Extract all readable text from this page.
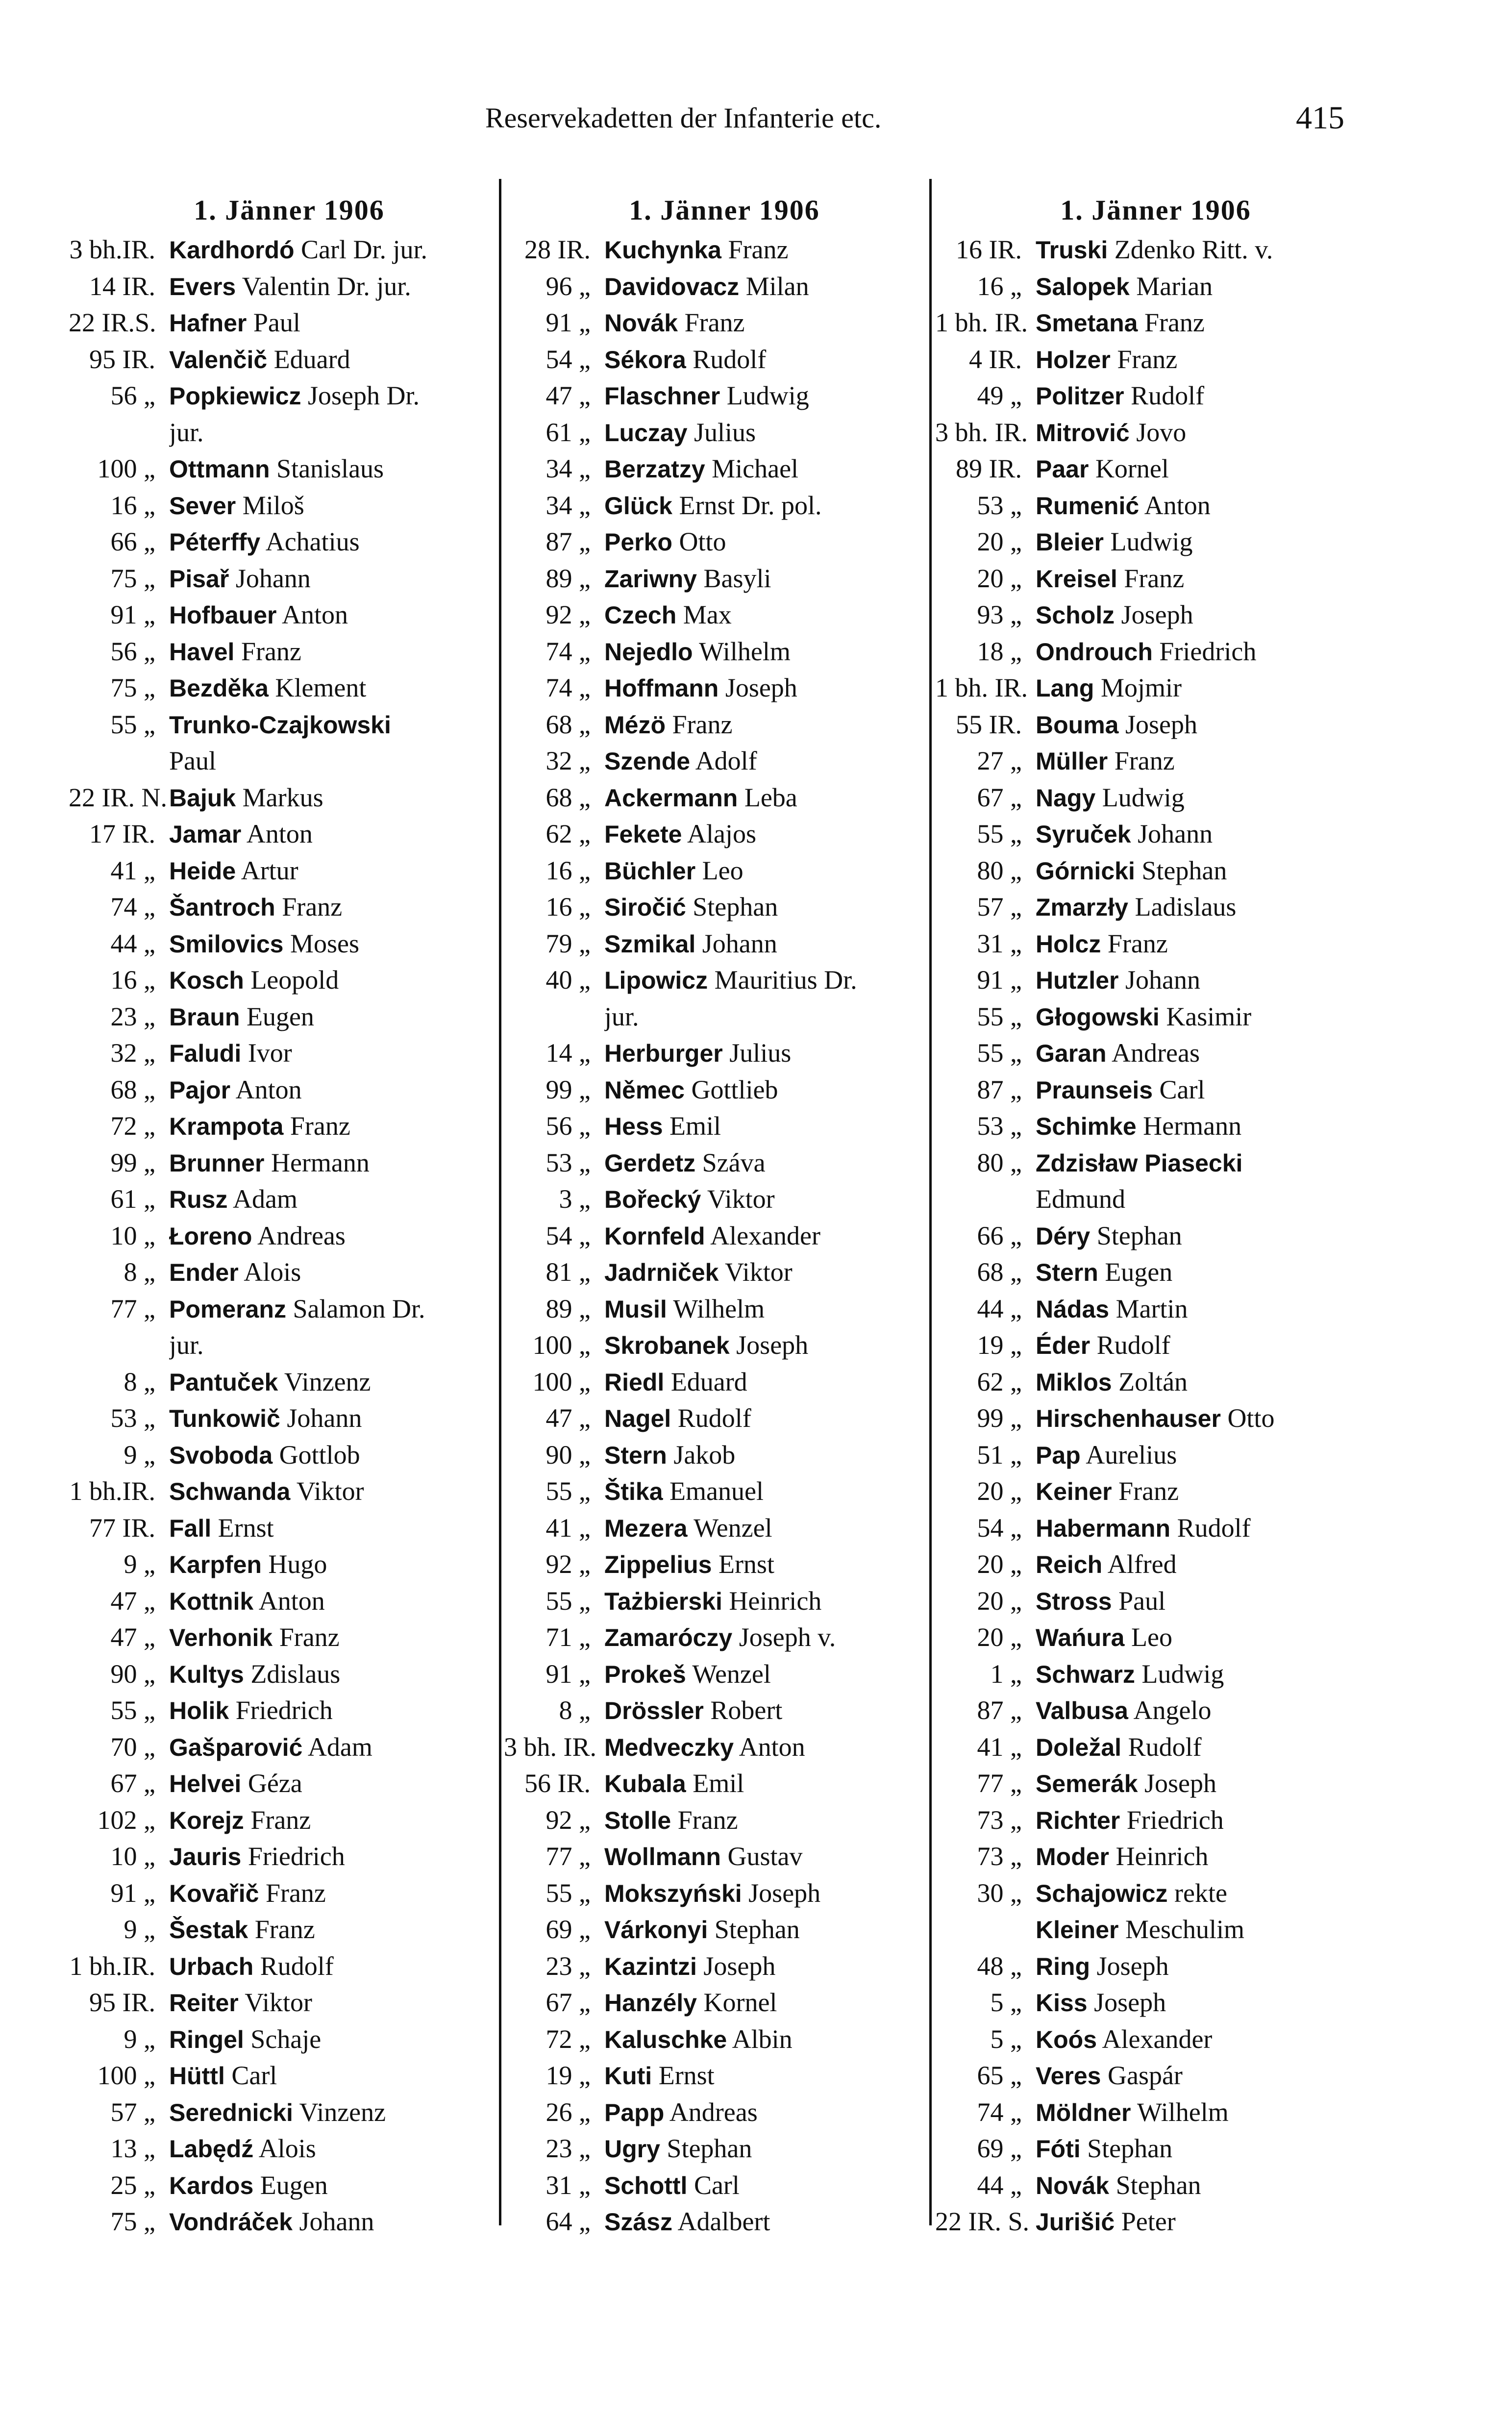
Reservekadetten der Infanterie etc.	415
1. Jänner 1906
3 bh.IR. Kardhordó Carl Dr. jur.
14 IR. Evers Valentin Dr. jur.
22 IR.S. Hafner Paul
95 IR. Valenčič Eduard
56 „ Popkiewicz Joseph Dr.
jur.
100 „ Ottmann Stanislaus
16 „ Sever Miloš
66 „ Péterffy Achatius
75 „ Pisař Johann
91 „ Hofbauer Anton
56 „ Havel Franz
75 „ Bezděka Klement
55 „ Trunko-Czajkowski
Paul
22 IR. N. Bajuk Markus
17 IR. Jamar Anton
41 „ Heide Artur
74 „ Šantroch Franz
44 „ Smilovics Moses
16 „ Kosch Leopold
23 „ Braun Eugen
32 „ Faludi Ivor
68 „ Pajor Anton
72 „ Krampota Franz
99 „ Brunner Hermann
61 „ Rusz Adam
10 „ Łoreno Andreas
8 „ Ender Alois
77 „ Pomeranz Salamon Dr.
jur.
8 „ Pantuček Vinzenz
53 „ Tunkowič Johann
9 „ Svoboda Gottlob
1 bh.IR. Schwanda Viktor
77 IR. Fall Ernst
9 „ Karpfen Hugo
47 „ Kottnik Anton
47 „ Verhonik Franz
90 „ Kultys Zdislaus
55 „ Holik Friedrich
70 „ Gašparović Adam
67 „ Helvei Géza
102 „ Korejz Franz
10 „ Jauris Friedrich
91 „ Kovařič Franz
9 „ Šestak Franz
1 bh.IR. Urbach Rudolf
95 IR. Reiter Viktor
9 „ Ringel Schaje
100 „ Hüttl Carl
57 „ Serednicki Vinzenz
13 „ Labędź Alois
25 „ Kardos Eugen
75 „ Vondráček Johann
1. Jänner 1906
28 IR. Kuchynka Franz
96 „ Davidovacz Milan
91 „ Novák Franz
54 „ Sékora Rudolf
47 „ Flaschner Ludwig
61 „ Luczay Julius
34 „ Berzatzy Michael
34 „ Glück Ernst Dr. pol.
87 „ Perko Otto
89 „ Zariwny Basyli
92 „ Czech Max
74 „ Nejedlo Wilhelm
74 „ Hoffmann Joseph
68 „ Mézö Franz
32 „ Szende Adolf
68 „ Ackermann Leba
62 „ Fekete Alajos
16 „ Büchler Leo
16 „ Siročić Stephan
79 „ Szmikal Johann
40 „ Lipowicz Mauritius Dr.
jur.
14 „ Herburger Julius
99 „ Němec Gottlieb
56 „ Hess Emil
53 „ Gerdetz Száva
3 „ Bořecký Viktor
54 „ Kornfeld Alexander
81 „ Jadrniček Viktor
89 „ Musil Wilhelm
100 „ Skrobanek Joseph
100 „ Riedl Eduard
47 „ Nagel Rudolf
90 „ Stern Jakob
55 „ Štika Emanuel
41 „ Mezera Wenzel
92 „ Zippelius Ernst
55 „ Tażbierski Heinrich
71 „ Zamaróczy Joseph v.
91 „ Prokeš Wenzel
8 „ Drössler Robert
3 bh. IR. Medveczky Anton
56 IR. Kubala Emil
92 „ Stolle Franz
77 „ Wollmann Gustav
55 „ Mokszyński Joseph
69 „ Várkonyi Stephan
23 „ Kazintzi Joseph
67 „ Hanzély Kornel
72 „ Kaluschke Albin
19 „ Kuti Ernst
26 „ Papp Andreas
23 „ Ugry Stephan
31 „ Schottl Carl
64 „ Szász Adalbert
1. Jänner 1906
16 IR. Truski Zdenko Ritt. v.
16 „ Salopek Marian
1 bh. IR. Smetana Franz
4 IR. Holzer Franz
49 „ Politzer Rudolf
3 bh. IR. Mitrović Jovo
89 IR. Paar Kornel
53 „ Rumenić Anton
20 „ Bleier Ludwig
20 „ Kreisel Franz
93 „ Scholz Joseph
18 „ Ondrouch Friedrich
1 bh. IR. Lang Mojmir
55 IR. Bouma Joseph
27 „ Müller Franz
67 „ Nagy Ludwig
55 „ Syruček Johann
80 „ Górnicki Stephan
57 „ Zmarzły Ladislaus
31 „ Holcz Franz
91 „ Hutzler Johann
55 „ Głogowski Kasimir
55 „ Garan Andreas
87 „ Praunseis Carl
53 „ Schimke Hermann
80 „ Zdzisław Piasecki
Edmund
66 „ Déry Stephan
68 „ Stern Eugen
44 „ Nádas Martin
19 „ Éder Rudolf
62 „ Miklos Zoltán
99 „ Hirschenhauser Otto
51 „ Pap Aurelius
20 „ Keiner Franz
54 „ Habermann Rudolf
20 „ Reich Alfred
20 „ Stross Paul
20 „ Wańura Leo
1 „ Schwarz Ludwig
87 „ Valbusa Angelo
41 „ Doležal Rudolf
77 „ Semerák Joseph
73 „ Richter Friedrich
73 „ Moder Heinrich
30 „ Schajowicz rekte
Kleiner Meschulim
48 „ Ring Joseph
5 „ Kiss Joseph
5 „ Koós Alexander
65 „ Veres Gaspár
74 „ Möldner Wilhelm
69 „ Fóti Stephan
44 „ Novák Stephan
22 IR. S. Jurišić Peter
